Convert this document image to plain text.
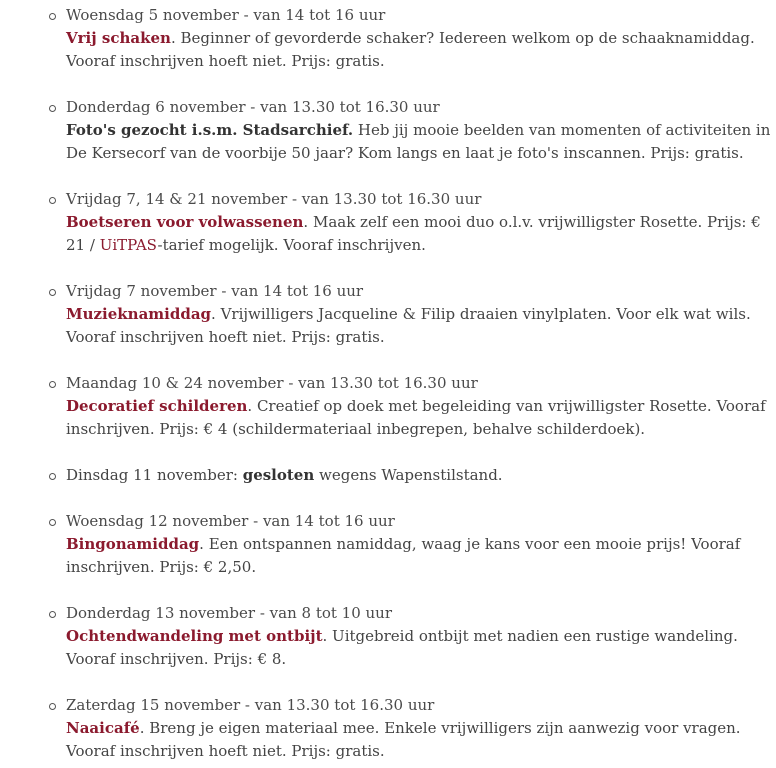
Woensdag 5 november - van 14 tot 16 uur
Vrij schaken. Beginner of gevorderde schaker? Iedereen welkom op de schaaknamiddag. Vooraf inschrijven hoeft niet. Prijs: gratis.
Donderdag 6 november - van 13.30 tot 16.30 uur
Foto's gezocht i.s.m. Stadsarchief. Heb jij mooie beelden van momenten of activiteiten in De Kersecorf van de voorbije 50 jaar? Kom langs en laat je foto's inscannen. Prijs: gratis.
Vrijdag 7, 14 & 21 november - van 13.30 tot 16.30 uur
Boetseren voor volwassenen. Maak zelf een mooi duo o.l.v. vrijwilligster Rosette. Prijs: € 21 / UiTPAS-tarief mogelijk. Vooraf inschrijven.
Vrijdag 7 november - van 14 tot 16 uur
Muzieknamiddag. Vrijwilligers Jacqueline & Filip draaien vinylplaten. Voor elk wat wils. Vooraf inschrijven hoeft niet. Prijs: gratis.
Maandag 10 & 24 november - van 13.30 tot 16.30 uur
Decoratief schilderen. Creatief op doek met begeleiding van vrijwilligster Rosette. Vooraf inschrijven. Prijs: € 4 (schildermateriaal inbegrepen, behalve schilderdoek).
Dinsdag 11 november: gesloten wegens Wapenstilstand.
Woensdag 12 november - van 14 tot 16 uur
Bingonamiddag. Een ontspannen namiddag, waag je kans voor een mooie prijs! Vooraf inschrijven. Prijs: € 2,50.
Donderdag 13 november - van 8 tot 10 uur
Ochtendwandeling met ontbijt. Uitgebreid ontbijt met nadien een rustige wandeling. Vooraf inschrijven. Prijs: € 8.
Zaterdag 15 november - van 13.30 tot 16.30 uur
Naaicafé. Breng je eigen materiaal mee. Enkele vrijwilligers zijn aanwezig voor vragen. Vooraf inschrijven hoeft niet. Prijs: gratis.
